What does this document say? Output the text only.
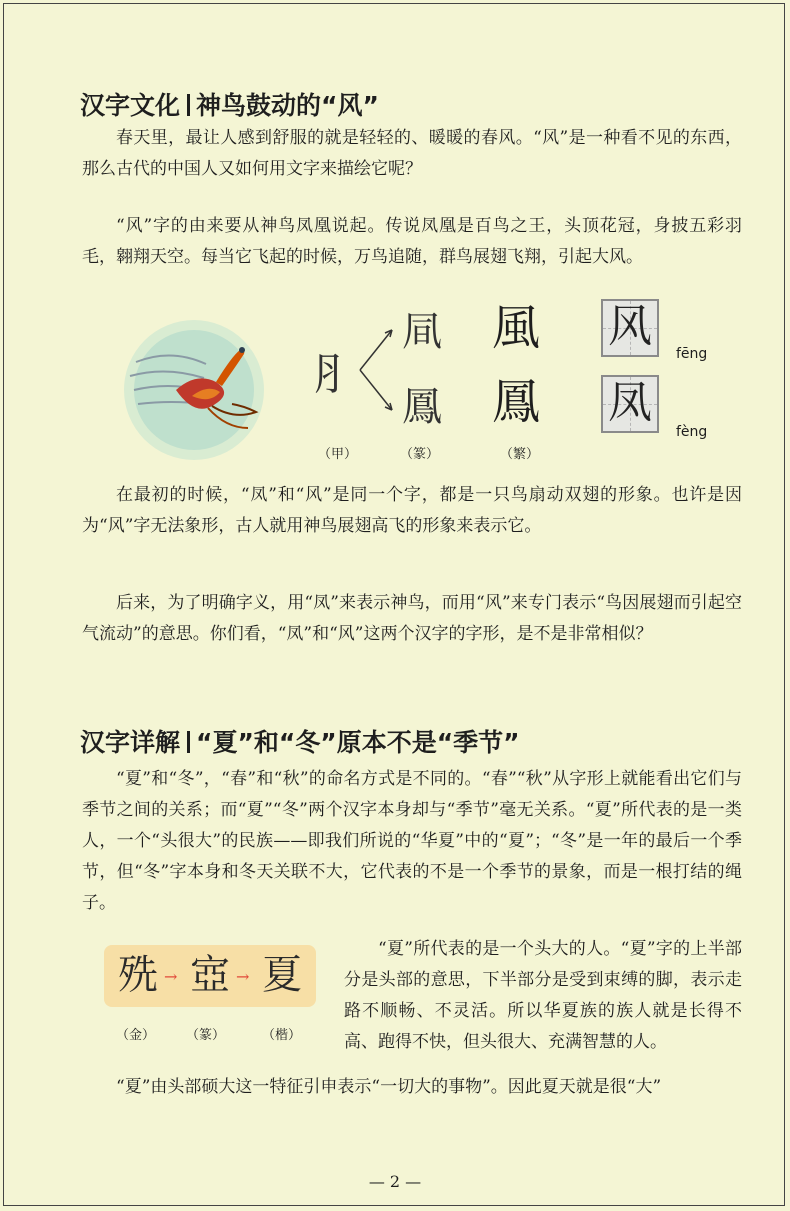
汉字文化 神鸟鼓动的“风”

春天里，最让人感到舒服的就是轻轻的、暖暖的春风。“风”是一种看不见的东西，那么古代的中国人又如何用文字来描绘它呢？

“风”字的由来要从神鸟凤凰说起。传说凤凰是百鸟之王，头顶花冠，身披五彩羽毛，翱翔天空。每当它飞起的时候，万鸟追随，群鸟展翅飞翔，引起大风。

⺼
凬
鳳
風
鳳
风
凤
fēng
fèng
（甲）	（篆）	（繁）

在最初的时候，“凤”和“风”是同一个字，都是一只鸟扇动双翅的形象。也许是因为“风”字无法象形，古人就用神鸟展翅高飞的形象来表示它。

后来，为了明确字义，用“凤”来表示神鸟，而用“风”来专门表示“鸟因展翅而引起空气流动”的意思。你们看，“凤”和“风”这两个汉字的字形，是不是非常相似？

汉字详解 “夏”和“冬”原本不是“季节”

“夏”和“冬”，“春”和“秋”的命名方式是不同的。“春”“秋”从字形上就能看出它们与季节之间的关系；而“夏”“冬”两个汉字本身却与“季节”毫无关系。“夏”所代表的是一类人，一个“头很大”的民族——即我们所说的“华夏”中的“夏”；“冬”是一年的最后一个季节，但“冬”字本身和冬天关联不大，它代表的不是一个季节的景象，而是一根打结的绳子。

㱡 → 㝞 → 夏
（金） （篆）	（楷）

“夏”所代表的是一个头大的人。“夏”字的上半部分是头部的意思，下半部分是受到束缚的脚，表示走路不顺畅、不灵活。所以华夏族的族人就是长得不高、跑得不快，但头很大、充满智慧的人。

“夏”由头部硕大这一特征引申表示“一切大的事物”。因此夏天就是很“大”

— 2 —
